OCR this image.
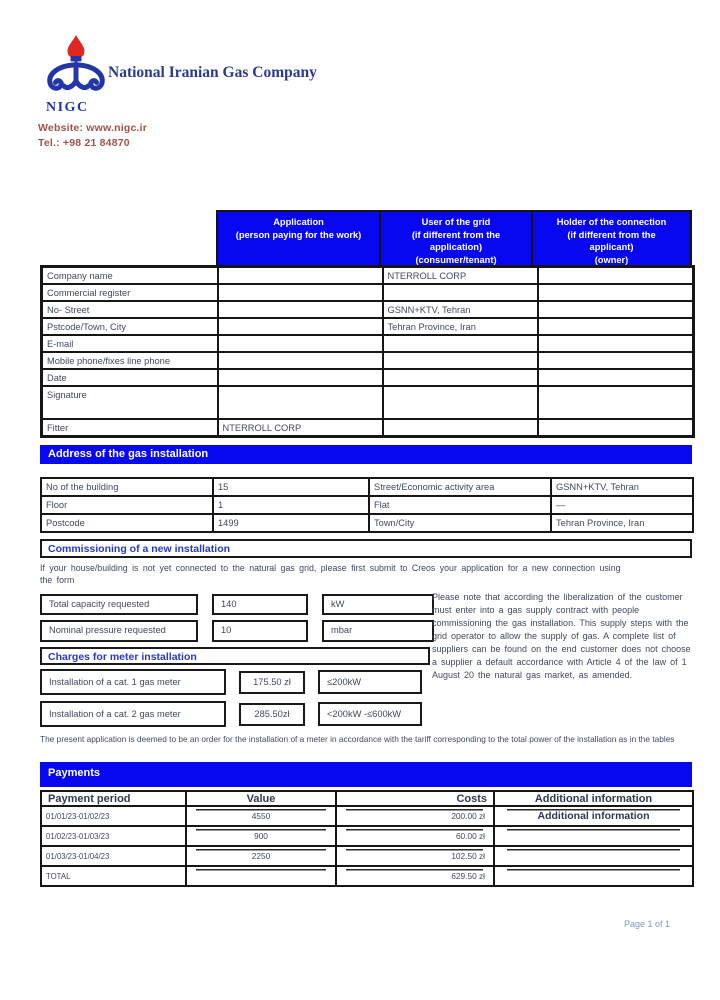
NIGC
National Iranian Gas Company
Website: www.nigc.ir
Tel.: +98 21 84870
Application
(person paying for the work)
User of the grid
(if different from the
application)
(consumer/tenant)
Holder of the connection
(if different from the
applicant)
(owner)
Company name		NTERROLL CORP	
Commercial register			
No- Street		GSNN+KTV, Tehran	
Pstcode/Town, City		Tehran Province, Iran	
E-mail			
Mobile phone/fixes line phone			
Date			
Signature			
Fitter	NTERROLL CORP		
Address of the gas installation
No of the building	15	Street/Economic activity area	GSNN+KTV, Tehran
Floor	1	Flat	—
Postcode	1499	Town/City	Tehran Province, Iran
Commissioning of a new installation
If your house/building is not yet connected to the natural gas grid, please first submit to Creos your application for a new connection using
the form
Total capacity requested	140	kW
Nominal pressure requested	10	mbar
Charges for meter installation
Installation of a cat. 1 gas meter	175.50 zł	≤200kW
Installation of a cat. 2 gas meter	285.50zł	<200kW -≤600kW
Please note that according the liberalization of the customer must enter into a gas supply contract with people commissioning the gas installation. This supply steps with the grid operator to allow the supply of gas. A complete list of suppliers can be found on the end customer does not choose a supplier a default accordance with Article 4 of the law of 1 August 20 the natural gas market, as amended.
The present application is deemed to be an order for the installation of a meter in accordance with the tariff corresponding to the total power of the installation as in the tables
Payments
Payment period	Value	Costs	Additional information
01/01/23-01/02/23	4550	200.00 zł	Additional information
01/02/23-01/03/23	900	60.00 zł	
01/03/23-01/04/23	2250	102.50 zł	
TOTAL		629.50 zł	
Page 1 of 1
